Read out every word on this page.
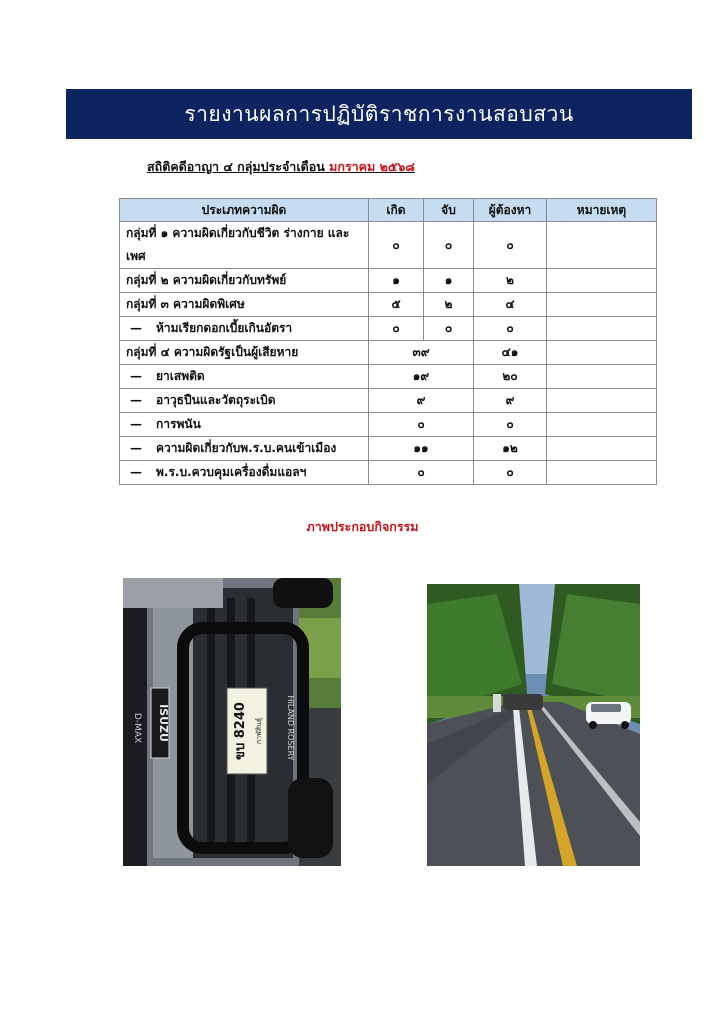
รายงานผลการปฏิบัติราชการงานสอบสวน
สถิติคดีอาญา ๔ กลุ่มประจำเดือน มกราคม ๒๕๖๘
ประเภทความผิด	เกิด	จับ	ผู้ต้องหา	หมายเหตุ
กลุ่มที่ ๑ ความผิดเกี่ยวกับชีวิต ร่างกาย และเพศ	๐	๐	๐	
กลุ่มที่ ๒ ความผิดเกี่ยวกับทรัพย์	๑	๑	๒	
กลุ่มที่ ๓ ความผิดพิเศษ	๕	๒	๔	
— ห้ามเรียกดอกเบี้ยเกินอัตรา	๐	๐	๐	
กลุ่มที่ ๔ ความผิดรัฐเป็นผู้เสียหาย	๓๙		๔๑	
— ยาเสพติด	๑๙		๒๐	
— อาวุธปืนและวัตถุระเบิด	๙		๙	
— การพนัน	๐		๐	
— ความผิดเกี่ยวกับพ.ร.บ.คนเข้าเมือง	๑๑		๑๒	
— พ.ร.บ.ควบคุมเครื่องดื่มแอลฯ	๐		๐	
ภาพประกอบกิจกรรม
ISUZU
D-MAX	ขบ 8240 กาฬสินธุ์	HILAND ROSERY
